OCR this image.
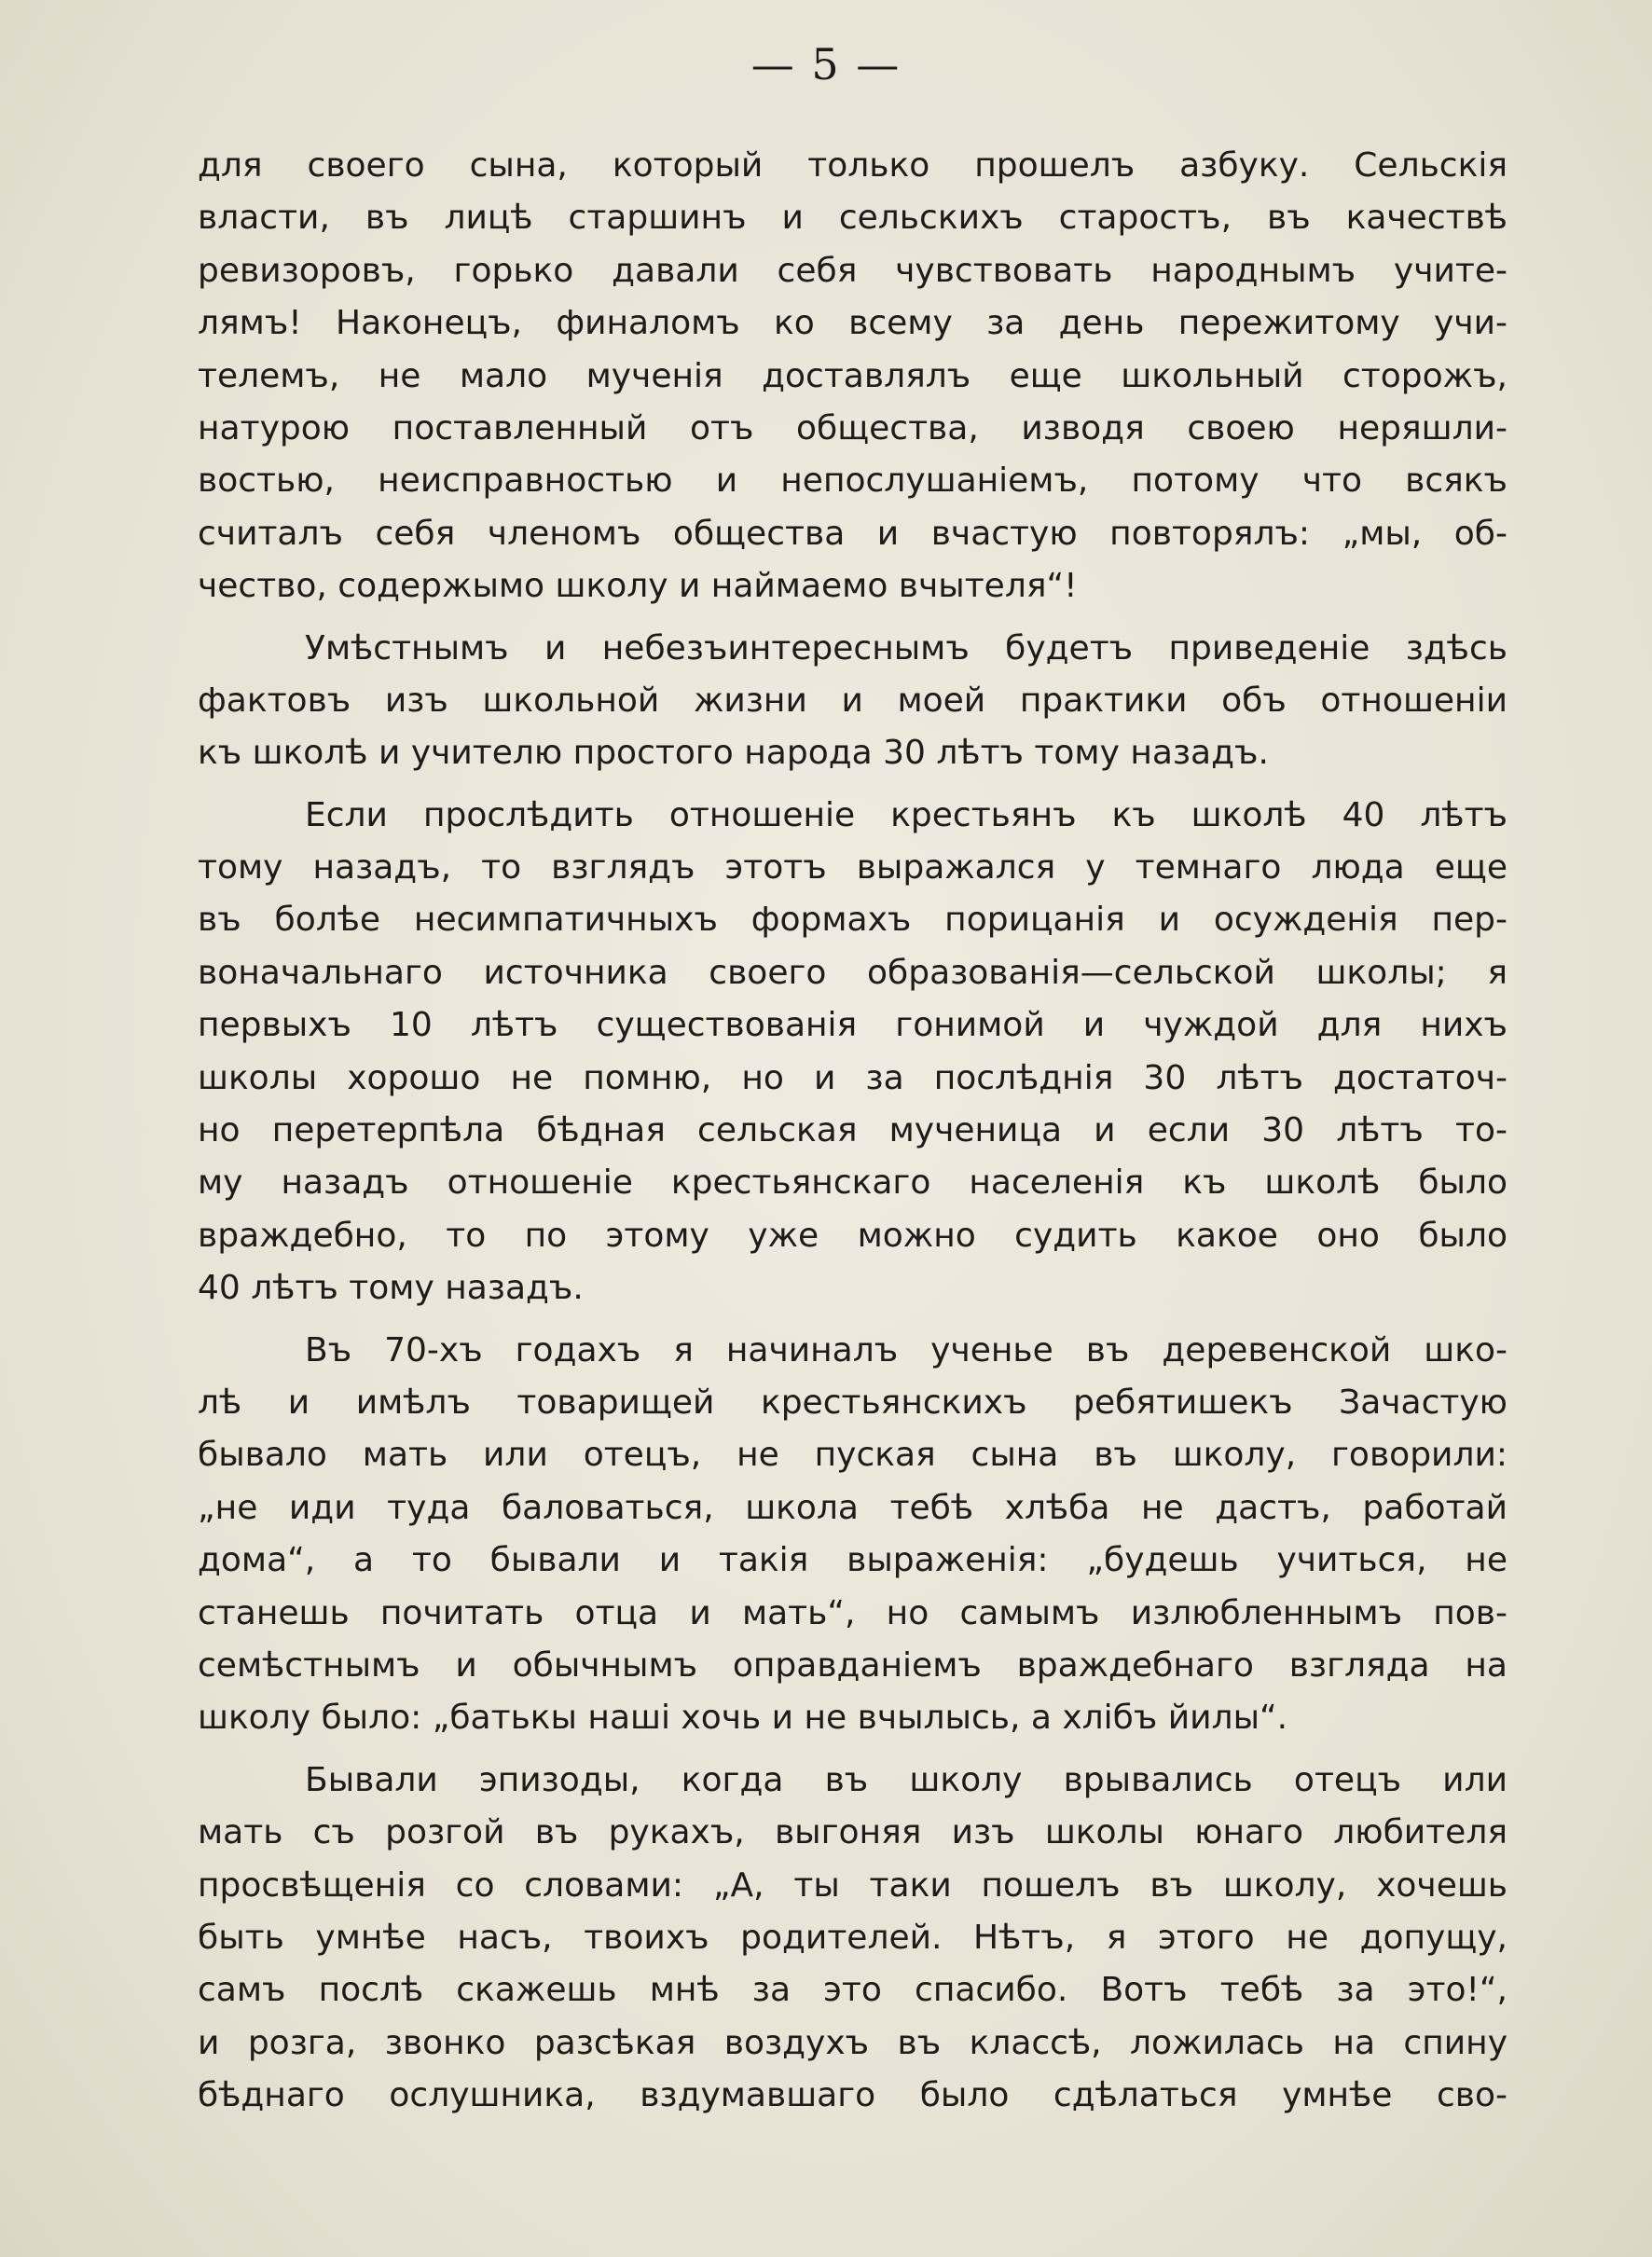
— 5 —
для своего сына, который только прошелъ азбуку. Сельскія
власти, въ лицѣ старшинъ и сельскихъ старостъ, въ качествѣ
ревизоровъ, горько давали себя чувствовать народнымъ учите-
лямъ! Наконецъ, финаломъ ко всему за день пережитому учи-
телемъ, не мало мученія доставлялъ еще школьный сторожъ,
натурою поставленный отъ общества, изводя своею неряшли-
востью, неисправностью и непослушаніемъ, потому что всякъ
считалъ себя членомъ общества и вчастую повторялъ: „мы, об-
чество, содержымо школу и наймаемо вчытеля“!
Умѣстнымъ и небезъинтереснымъ будетъ приведеніе здѣсь
фактовъ изъ школьной жизни и моей практики объ отношеніи
къ школѣ и учителю простого народа 30 лѣтъ тому назадъ.
Если прослѣдить отношеніе крестьянъ къ школѣ 40 лѣтъ
тому назадъ, то взглядъ этотъ выражался у темнаго люда еще
въ болѣе несимпатичныхъ формахъ порицанія и осужденія пер-
воначальнаго источника своего образованія—сельской школы; я
первыхъ 10 лѣтъ существованія гонимой и чуждой для нихъ
школы хорошо не помню, но и за послѣднія 30 лѣтъ достаточ-
но перетерпѣла бѣдная сельская мученица и если 30 лѣтъ то-
му назадъ отношеніе крестьянскаго населенія къ школѣ было
враждебно, то по этому уже можно судить какое оно было
40 лѣтъ тому назадъ.
Въ 70-хъ годахъ я начиналъ ученье въ деревенской шко-
лѣ и имѣлъ товарищей крестьянскихъ ребятишекъ Зачастую
бывало мать или отецъ, не пуская сына въ школу, говорили:
„не иди туда баловаться, школа тебѣ хлѣба не дастъ, работай
дома“, а то бывали и такія выраженія: „будешь учиться, не
станешь почитать отца и мать“, но самымъ излюбленнымъ пов-
семѣстнымъ и обычнымъ оправданіемъ враждебнаго взгляда на
школу было: „батькы наші хочь и не вчылысь, а хлібъ йилы“.
Бывали эпизоды, когда въ школу врывались отецъ или
мать съ розгой въ рукахъ, выгоняя изъ школы юнаго любителя
просвѣщенія со словами: „А, ты таки пошелъ въ школу, хочешь
быть умнѣе насъ, твоихъ родителей. Нѣтъ, я этого не допущу,
самъ послѣ скажешь мнѣ за это спасибо. Вотъ тебѣ за это!“,
и розга, звонко разсѣкая воздухъ въ классѣ, ложилась на спину
бѣднаго ослушника, вздумавшаго было сдѣлаться умнѣе сво-
